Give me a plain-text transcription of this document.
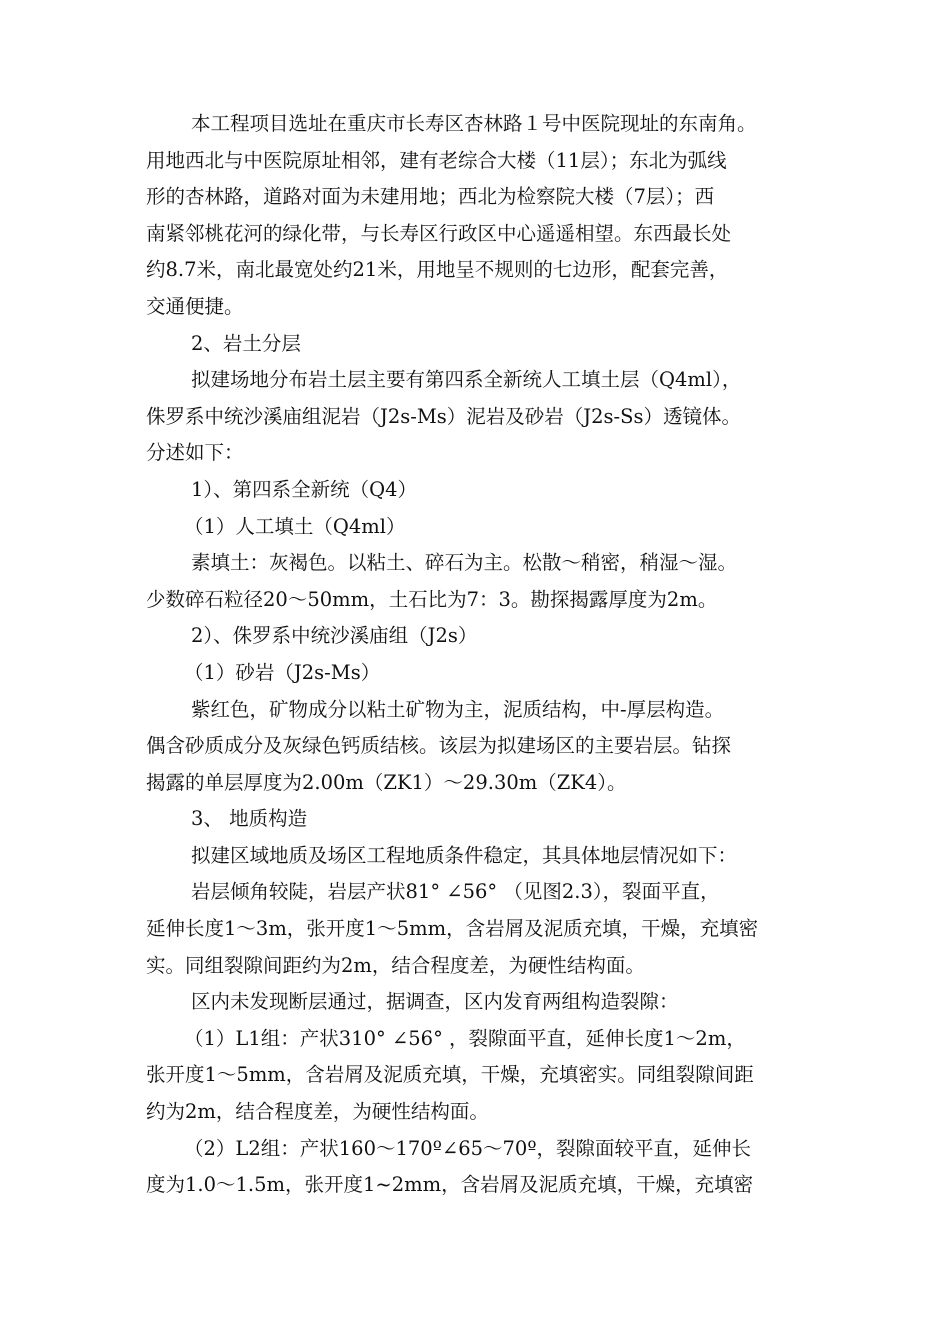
本工程项目选址在重庆市长寿区杏林路１号中医院现址的东南角。
用地西北与中医院原址相邻，建有老综合大楼（11层）；东北为弧线
形的杏林路，道路对面为未建用地；西北为检察院大楼（7层）；西
南紧邻桃花河的绿化带，与长寿区行政区中心遥遥相望。东西最长处
约8.7米，南北最宽处约21米，用地呈不规则的七边形，配套完善，
交通便捷。
2、岩土分层
拟建场地分布岩土层主要有第四系全新统人工填土层（Q4ml），
侏罗系中统沙溪庙组泥岩（J2s-Ms）泥岩及砂岩（J2s-Ss）透镜体。
分述如下：
1）、第四系全新统（Q4）
（1）人工填土（Q4ml）
素填土：灰褐色。以粘土、碎石为主。松散～稍密，稍湿～湿。
少数碎石粒径20～50mm，土石比为7：3。勘探揭露厚度为2m。
2）、侏罗系中统沙溪庙组（J2s）
（1）砂岩（J2s-Ms）
紫红色，矿物成分以粘土矿物为主，泥质结构，中-厚层构造。
偶含砂质成分及灰绿色钙质结核。该层为拟建场区的主要岩层。钻探
揭露的单层厚度为2.00m（ZK1）～29.30m（ZK4）。
3、 地质构造
拟建区域地质及场区工程地质条件稳定，其具体地层情况如下：
岩层倾角较陡，岩层产状81° ∠56° （见图2.3），裂面平直，
延伸长度1～3m，张开度1～5mm，含岩屑及泥质充填，干燥，充填密
实。同组裂隙间距约为2m，结合程度差，为硬性结构面。
区内未发现断层通过，据调查，区内发育两组构造裂隙：
（1）L1组：产状310° ∠56° ，裂隙面平直，延伸长度1～2m，
张开度1～5mm，含岩屑及泥质充填，干燥，充填密实。同组裂隙间距
约为2m，结合程度差，为硬性结构面。
（2）L2组：产状160～170º∠65～70º，裂隙面较平直，延伸长
度为1.0～1.5m，张开度1~2mm，含岩屑及泥质充填，干燥，充填密
